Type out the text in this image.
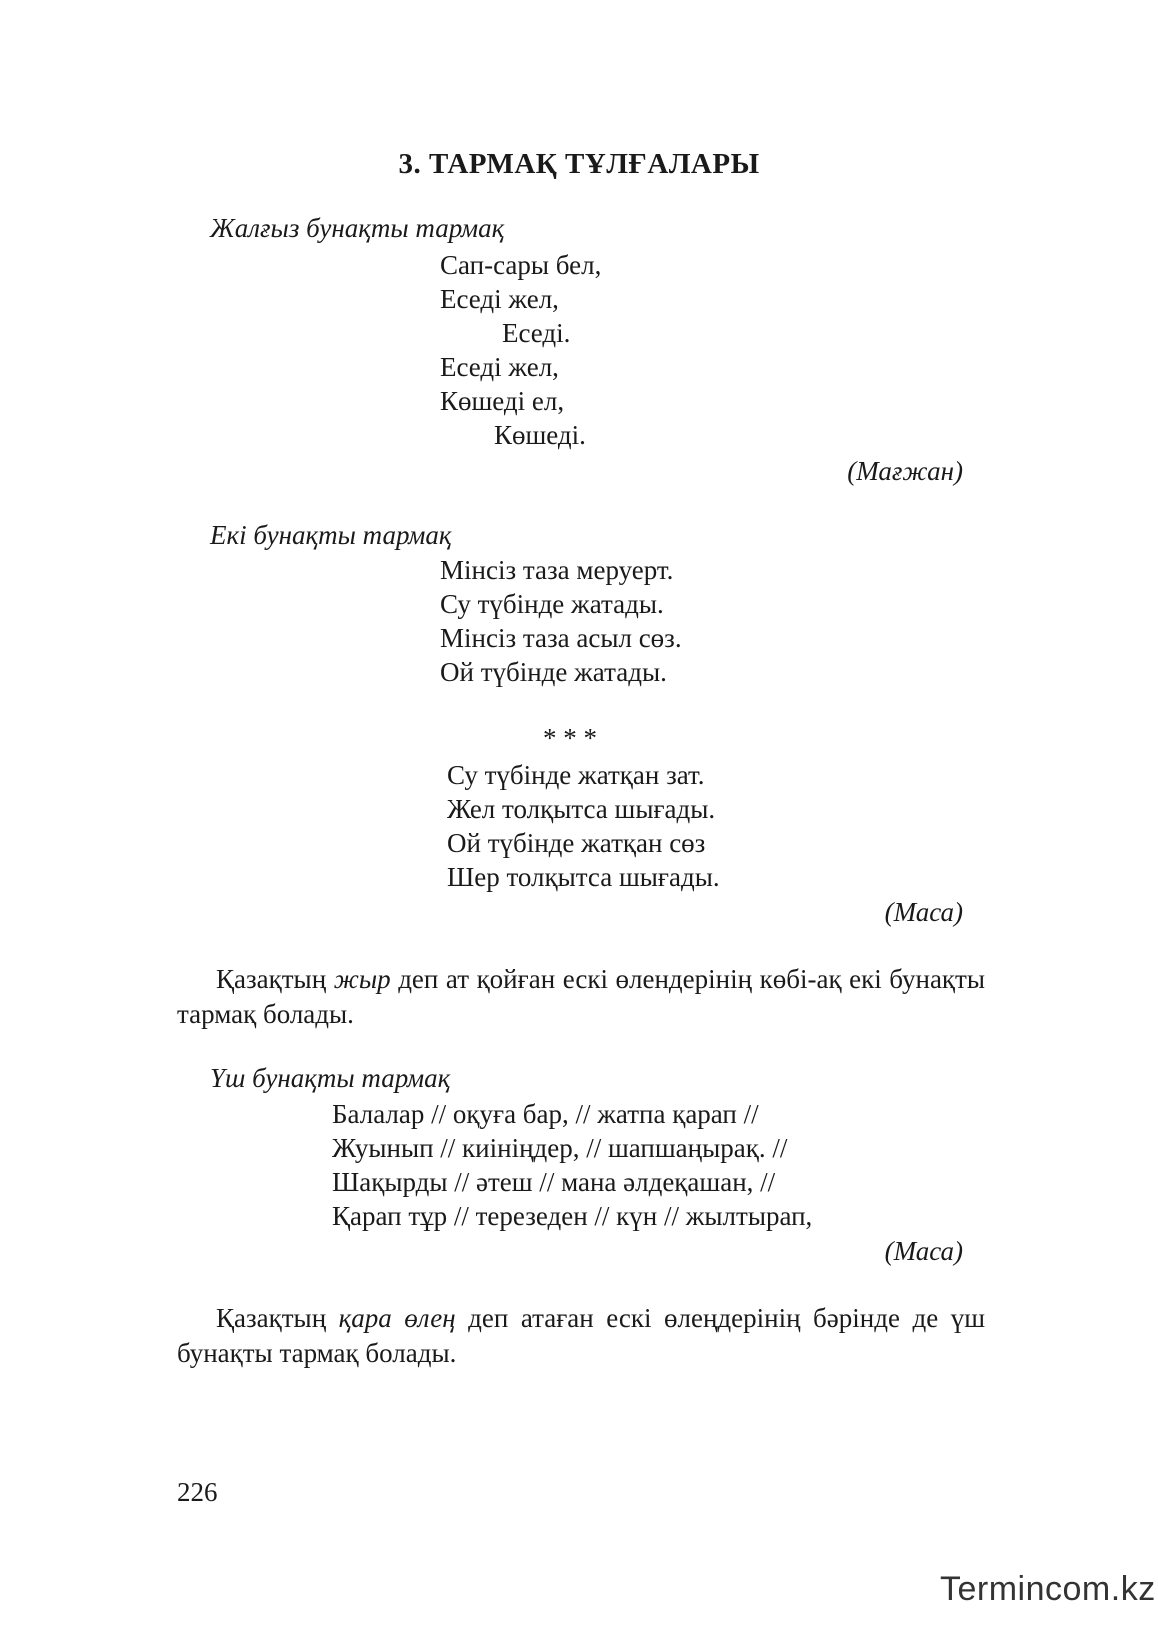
3. ТАРМАҚ ТҰЛҒАЛАРЫ
Жалғыз бунақты тармақ
Сап-сары бел,
Еседі жел,
Еседі.
Еседі жел,
Көшеді ел,
Көшеді.
(Мағжан)
Екі бунақты тармақ
Мінсіз таза меруерт.
Су түбінде жатады.
Мінсіз таза асыл сөз.
Ой түбінде жатады.
* * *
Су түбінде жатқан зат.
Жел толқытса шығады.
Ой түбінде жатқан сөз
Шер толқытса шығады.
(Маса)
Қазақтың жыр деп ат қойған ескі өлендерінің көбі-ақ екі бунақты тармақ болады.
Үш бунақты тармақ
Балалар // оқуға бар, // жатпа қарап //
Жуынып // киініңдер, // шапшаңырақ. //
Шақырды // әтеш // мана әлдеқашан, //
Қарап тұр // терезеден // күн // жылтырап,
(Маса)
Қазақтың қара өлең деп атаған ескі өлеңдерінің бәрінде де үш бунақты тармақ болады.
226
Termincom.kz
